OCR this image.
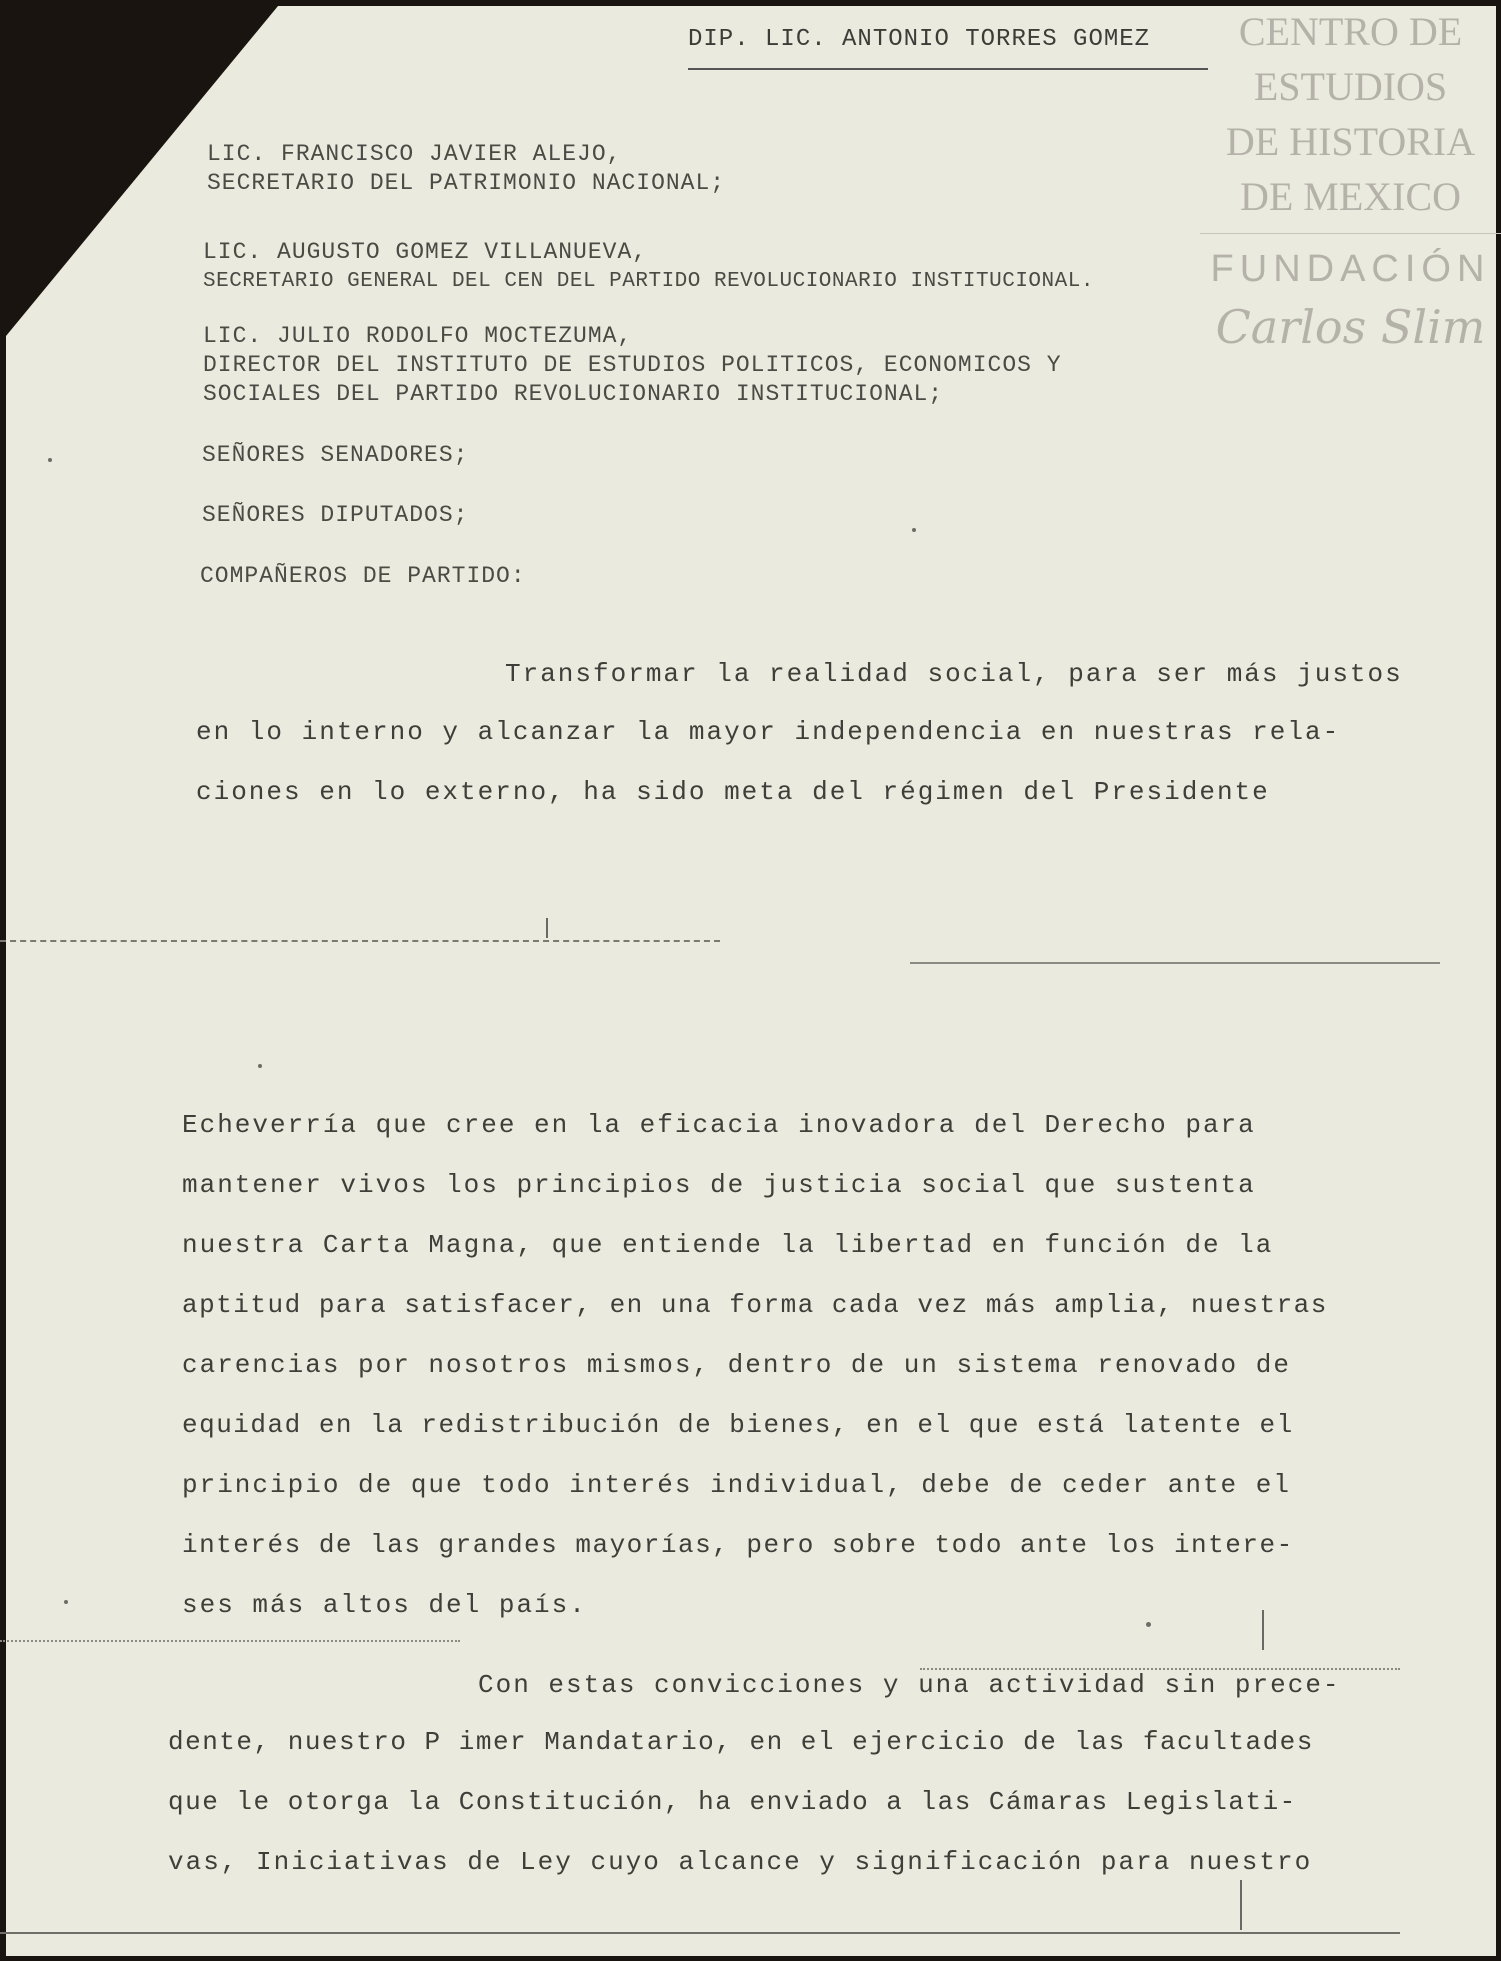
DIP. LIC. ANTONIO TORRES GOMEZ	CENTRO DE
ESTUDIOS
DE HISTORIA
DE MEXICO
FUNDACIÓN
Carlos Slim
LIC. FRANCISCO JAVIER ALEJO,
SECRETARIO DEL PATRIMONIO NACIONAL;
LIC. AUGUSTO GOMEZ VILLANUEVA,
SECRETARIO GENERAL DEL CEN DEL PARTIDO REVOLUCIONARIO INSTITUCIONAL.
LIC. JULIO RODOLFO MOCTEZUMA,
DIRECTOR DEL INSTITUTO DE ESTUDIOS POLITICOS, ECONOMICOS Y
SOCIALES DEL PARTIDO REVOLUCIONARIO INSTITUCIONAL;
SEÑORES SENADORES;
SEÑORES DIPUTADOS;
COMPAÑEROS DE PARTIDO:
Transformar la realidad social, para ser más justos
en lo interno y alcanzar la mayor independencia en nuestras rela-
ciones en lo externo, ha sido meta del régimen del Presidente
Echeverría que cree en la eficacia inovadora del Derecho para
mantener vivos los principios de justicia social que sustenta
nuestra Carta Magna, que entiende la libertad en función de la
aptitud para satisfacer, en una forma cada vez más amplia, nuestras
carencias por nosotros mismos, dentro de un sistema renovado de
equidad en la redistribución de bienes, en el que está latente el
principio de que todo interés individual, debe de ceder ante el
interés de las grandes mayorías, pero sobre todo ante los intere-
ses más altos del país.
Con estas convicciones y una actividad sin prece-
dente, nuestro P imer Mandatario, en el ejercicio de las facultades
que le otorga la Constitución, ha enviado a las Cámaras Legislati-
vas, Iniciativas de Ley cuyo alcance y significación para nuestro
